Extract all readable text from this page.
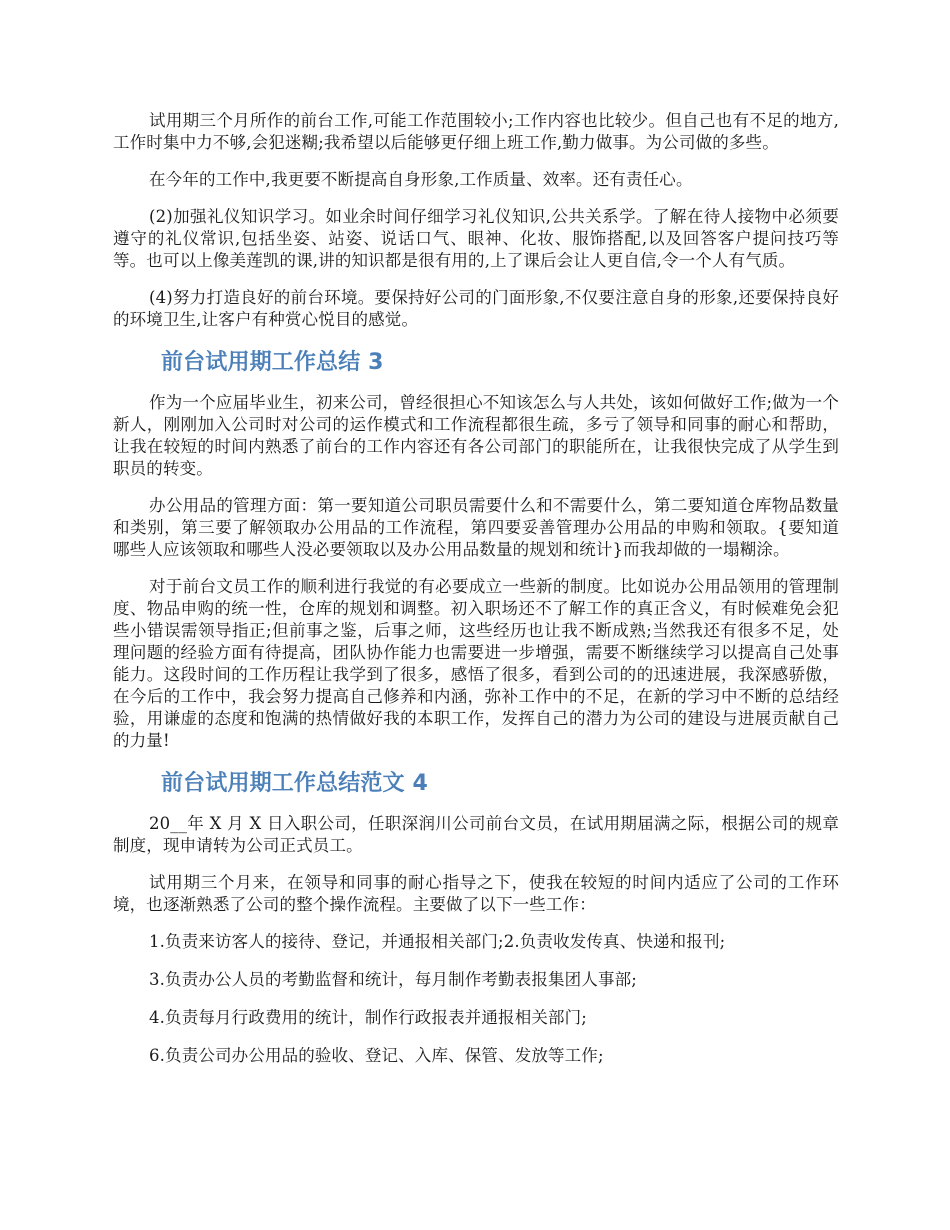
试用期三个月所作的前台工作,可能工作范围较小;工作内容也比较少。但自己也有不足的地方,工作时集中力不够,会犯迷糊;我希望以后能够更仔细上班工作,勤力做事。为公司做的多些。

在今年的工作中,我更要不断提高自身形象,工作质量、效率。还有责任心。

(2)加强礼仪知识学习。如业余时间仔细学习礼仪知识,公共关系学。了解在待人接物中必须要遵守的礼仪常识,包括坐姿、站姿、说话口气、眼神、化妆、服饰搭配,以及回答客户提问技巧等等。也可以上像美莲凯的课,讲的知识都是很有用的,上了课后会让人更自信,令一个人有气质。

(4)努力打造良好的前台环境。要保持好公司的门面形象,不仅要注意自身的形象,还要保持良好的环境卫生,让客户有种赏心悦目的感觉。

前台试用期工作总结 3

作为一个应届毕业生，初来公司，曾经很担心不知该怎么与人共处，该如何做好工作;做为一个新人，刚刚加入公司时对公司的运作模式和工作流程都很生疏，多亏了领导和同事的耐心和帮助，让我在较短的时间内熟悉了前台的工作内容还有各公司部门的职能所在，让我很快完成了从学生到职员的转变。

办公用品的管理方面：第一要知道公司职员需要什么和不需要什么，第二要知道仓库物品数量和类别，第三要了解领取办公用品的工作流程，第四要妥善管理办公用品的申购和领取。{要知道哪些人应该领取和哪些人没必要领取以及办公用品数量的规划和统计}而我却做的一塌糊涂。

对于前台文员工作的顺利进行我觉的有必要成立一些新的制度。比如说办公用品领用的管理制度、物品申购的统一性，仓库的规划和调整。初入职场还不了解工作的真正含义，有时候难免会犯些小错误需领导指正;但前事之鉴，后事之师，这些经历也让我不断成熟;当然我还有很多不足，处理问题的经验方面有待提高，团队协作能力也需要进一步增强，需要不断继续学习以提高自己处事能力。这段时间的工作历程让我学到了很多，感悟了很多，看到公司的的迅速进展，我深感骄傲，在今后的工作中，我会努力提高自己修养和内涵，弥补工作中的不足，在新的学习中不断的总结经验，用谦虚的态度和饱满的热情做好我的本职工作，发挥自己的潜力为公司的建设与进展贡献自己的力量!

前台试用期工作总结范文 4

20__年 X 月 X 日入职公司，任职深润川公司前台文员，在试用期届满之际，根据公司的规章制度，现申请转为公司正式员工。

试用期三个月来，在领导和同事的耐心指导之下，使我在较短的时间内适应了公司的工作环境，也逐渐熟悉了公司的整个操作流程。主要做了以下一些工作：

1.负责来访客人的接待、登记，并通报相关部门;2.负责收发传真、快递和报刊;

3.负责办公人员的考勤监督和统计，每月制作考勤表报集团人事部;

4.负责每月行政费用的统计，制作行政报表并通报相关部门;

6.负责公司办公用品的验收、登记、入库、保管、发放等工作;
